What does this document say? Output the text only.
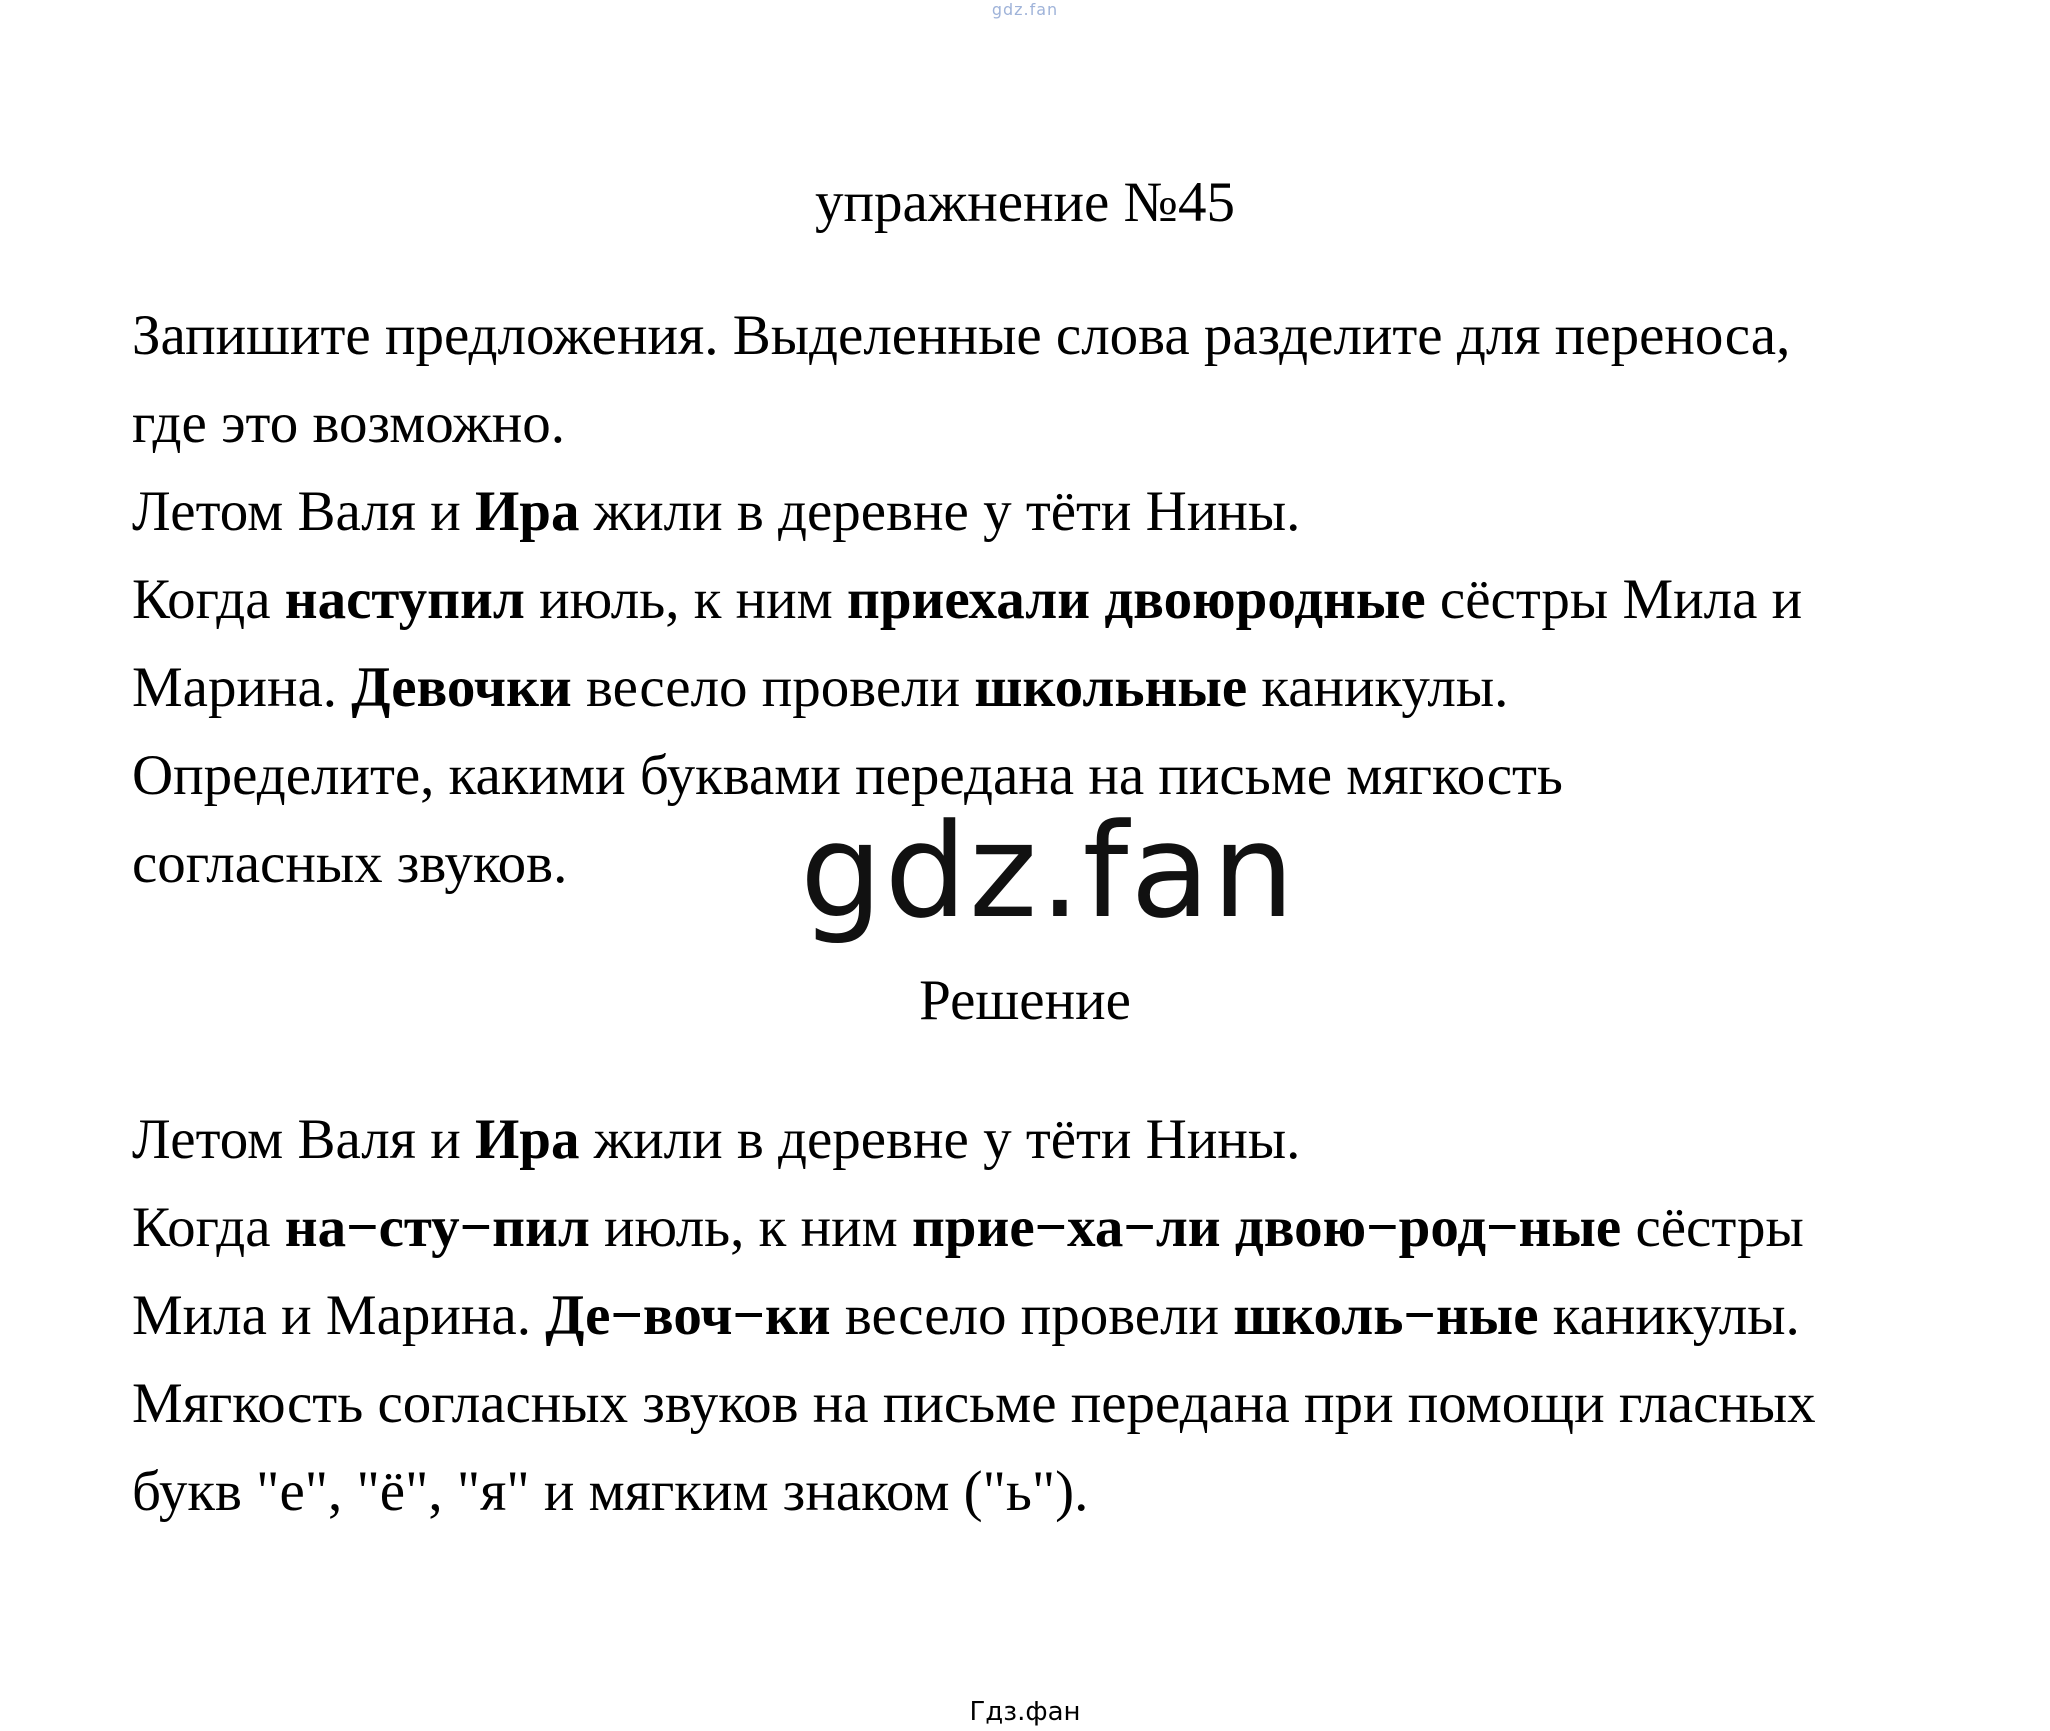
gdz.fan
упражнение №45
Запишите предложения. Выделенные слова разделите для переноса,
где это возможно.
Летом Валя и Ира жили в деревне у тёти Нины.
Когда наступил июль, к ним приехали двоюродные сёстры Мила и
Марина. Девочки весело провели школьные каникулы.
Определите, какими буквами передана на письме мягкость
согласных звуков.	gdz.fan
Решение
Летом Валя и Ира жили в деревне у тёти Нины.
Когда на−сту−пил июль, к ним прие−ха−ли двою−род−ные сёстры
Мила и Марина. Де−воч−ки весело провели школь−ные каникулы.
Мягкость согласных звуков на письме передана при помощи гласных
букв "е", "ё", "я" и мягким знаком ("ь").
Гдз.фан
